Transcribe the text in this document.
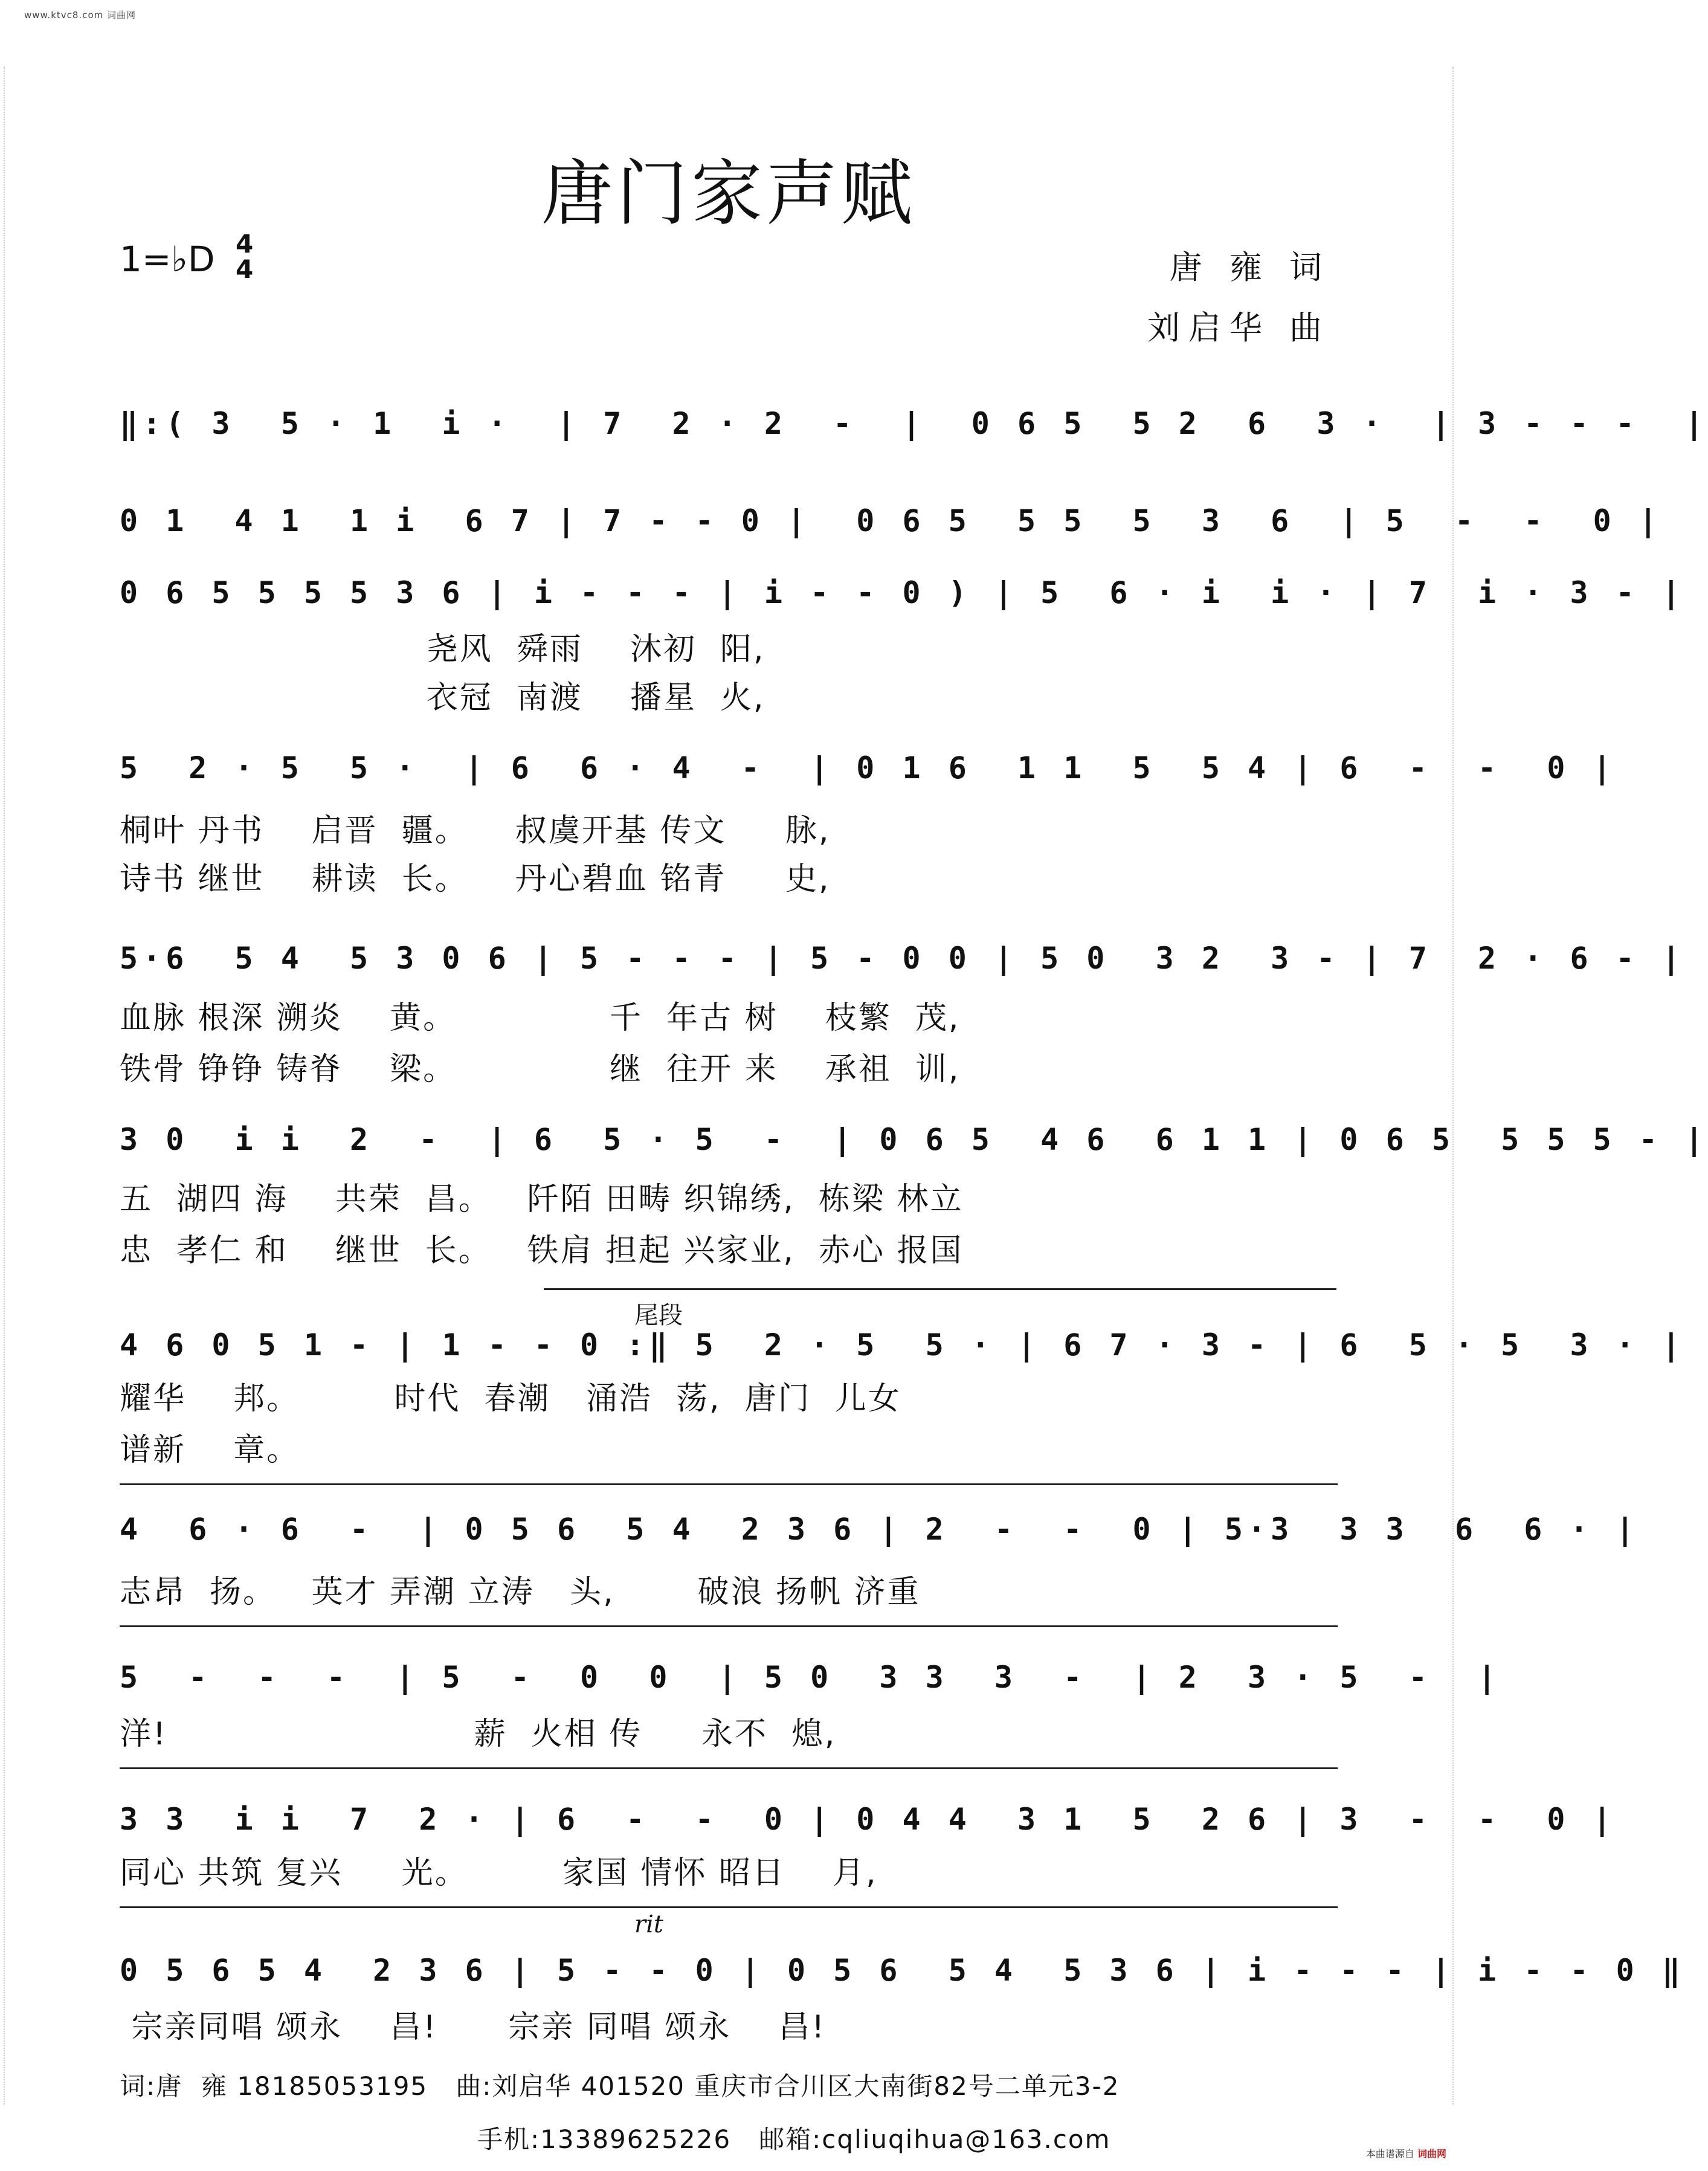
www.ktvc8.com 词曲网
唐门家声赋
1=♭D 4
4	唐 雍 词
刘启华 曲
‖:( 3  5 · 1  i ·  | 7  2 · 2  -  |  0 6 5  5 2  6  3 ·  | 3 - - -  |
0 1  4 1  1 i  6 7 | 7 - - 0 |  0 6 5  5 5  5  3  6  | 5  -  -  0 |
0 6 5 5 5 5 3 6 | i - - - | i - - 0 ) | 5  6 · i  i · | 7  i · 3 - |
尧风  舜雨    沐初  阳,
衣冠  南渡    播星  火,
5  2 · 5  5 ·  | 6  6 · 4  -  | 0 1 6  1 1  5  5 4 | 6  -  -  0 |
桐叶 丹书    启晋  疆。    叔虞开基 传文     脉,
诗书 继世    耕读  长。    丹心碧血 铭青     史,
5·6  5 4  5 3 0 6 | 5 - - - | 5 - 0 0 | 5 0  3 2  3 - | 7  2 · 6 - |
血脉 根深 溯炎    黄。             千  年古 树    枝繁  茂,
铁骨 铮铮 铸脊    梁。             继  往开 来    承祖  训,
3 0  i i  2  -  | 6  5 · 5  -  | 0 6 5  4 6  6 1 1 | 0 6 5  5 5 5 - |
五  湖四 海    共荣  昌。   阡陌 田畴 织锦绣,  栋梁 林立
忠  孝仁 和    继世  长。   铁肩 担起 兴家业,  赤心 报国
尾段
4 6 0 5 1 - | 1 - - 0 :‖ 5  2 · 5  5 · | 6 7 · 3 - | 6  5 · 5  3 · |
耀华    邦。        时代  春潮   涌浩  荡,  唐门  儿女
谱新    章。
4  6 · 6  -  | 0 5 6  5 4  2 3 6 | 2  -  -  0 | 5·3  3 3  6  6 · |
志昂  扬。   英才 弄潮 立涛   头,       破浪 扬帆 济重
5  -  -  -  | 5  -  0  0  | 5 0  3 3  3  -  | 2  3 · 5  -  |
洋!                          薪  火相 传     永不  熄,
3 3  i i  7  2 · | 6  -  -  0 | 0 4 4  3 1  5  2 6 | 3  -  -  0 |
同心 共筑 复兴     光。        家国 情怀 昭日    月,
rit
0 5 6 5 4  2 3 6 | 5 - - 0 | 0 5 6  5 4  5 3 6 | i - - - | i - - 0 ‖
宗亲同唱 颂永    昌!      宗亲 同唱 颂永    昌!
词:唐  雍 18185053195   曲:刘启华 401520 重庆市合川区大南街82号二单元3-2
手机:13389625226   邮箱:cqliuqihua@163.com	本曲谱源自 词曲网
